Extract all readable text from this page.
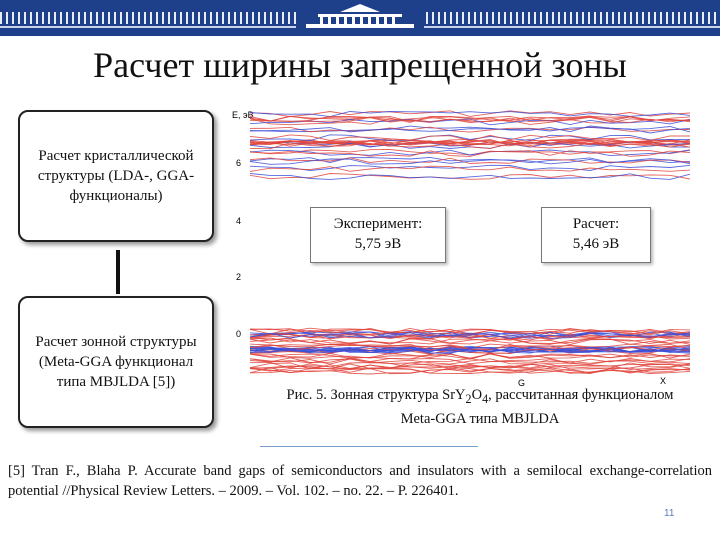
Расчет ширины запрещенной зоны
Расчет кристаллической структуры (LDA-, GGA-функционалы)
Расчет зонной структуры (Meta-GGA функционал типа MBJLDA [5])
E, эВ
6
4
2
0
G	X
Эксперимент:
5,75 эВ
Расчет:
5,46 эВ
Рис. 5. Зонная структура $SrY_2O_4$, рассчитанная функционалом Meta-GGA типа MBJLDA
[5] Tran F., Blaha P. Accurate band gaps of semiconductors and insulators with a semilocal exchange-correlation potential //Physical Review Letters. – 2009. – Vol. 102. – no. 22. – P. 226401.
11
